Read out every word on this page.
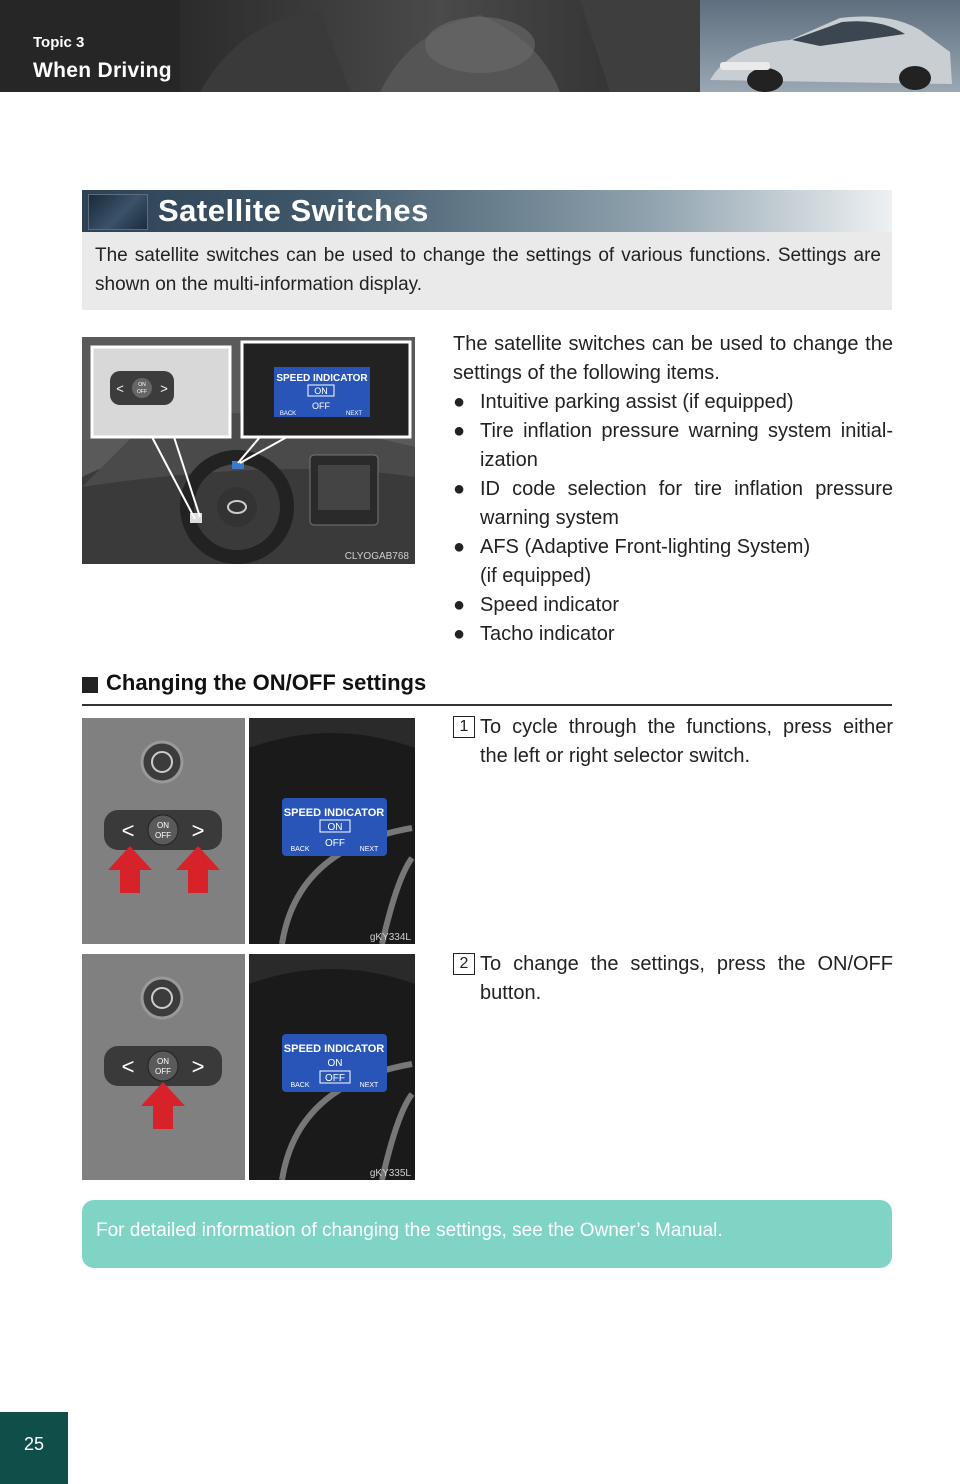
Topic 3
When Driving
Satellite Switches

The satellite switches can be used to change the settings of various functions. Settings are shown on the multi-information display.

ON
OFF
<	>
SPEED INDICATOR
ON
OFF
BACK	NEXT
CLYOGAB768

The satellite switches can be used to change the settings of the following items.

● Intuitive parking assist (if equipped)
● Tire inflation pressure warning system initial-ization
● ID code selection for tire inflation pressure warning system
● AFS (Adaptive Front-lighting System)
(if equipped)
● Speed indicator
● Tacho indicator
Changing the ON/OFF settings
ON
OFF
<	>
SPEED INDICATOR
ON
OFF
BACK	NEXT
gKY334L
1 To cycle through the functions, press either the left or right selector switch.
ON
OFF
<	>
SPEED INDICATOR
ON
OFF
BACK	NEXT
gKY335L
2 To change the settings, press the ON/OFF button.
For detailed information of changing the settings, see the Owner’s Manual.
25
